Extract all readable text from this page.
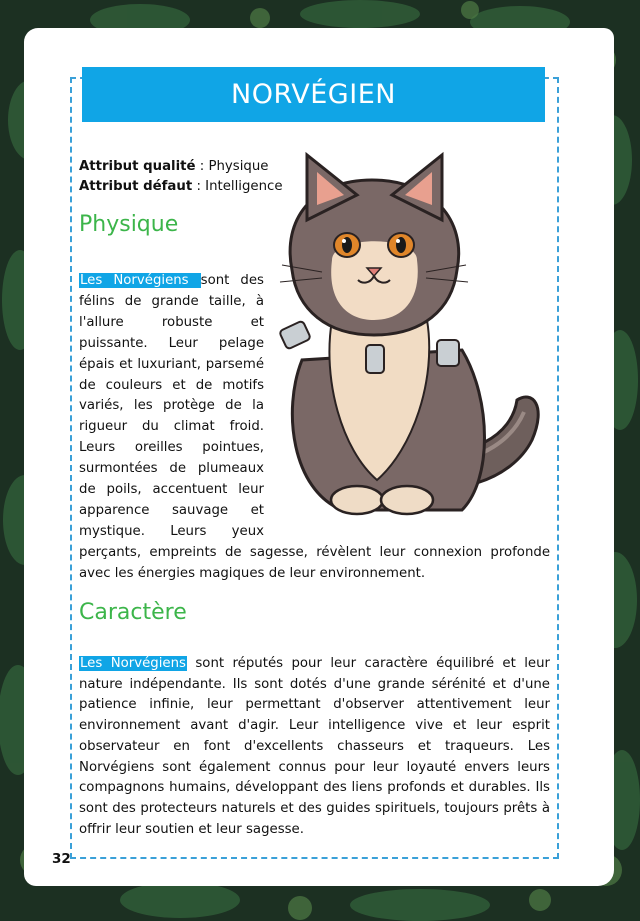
NORVÉGIEN
Attribut qualité : Physique
Attribut défaut : Intelligence
Physique
Les Norvégiens sont des félins de grande taille, à l'allure robuste et puissante. Leur pelage épais et luxuriant, parsemé de couleurs et de motifs variés, les protège de la rigueur du climat froid. Leurs oreilles pointues, surmontées de plumeaux de poils, accentuent leur apparence sauvage et mystique. Leurs yeux perçants, empreints de sagesse, révèlent leur connexion profonde avec les énergies magiques de leur environnement.
Caractère
Les Norvégiens sont réputés pour leur caractère équilibré et leur nature indépendante. Ils sont dotés d'une grande sérénité et d'une patience infinie, leur permettant d'observer attentivement leur environnement avant d'agir. Leur intelligence vive et leur esprit observateur en font d'excellents chasseurs et traqueurs. Les Norvégiens sont également connus pour leur loyauté envers leurs compagnons humains, développant des liens profonds et durables. Ils sont des protecteurs naturels et des guides spirituels, toujours prêts à offrir leur soutien et leur sagesse.
32
